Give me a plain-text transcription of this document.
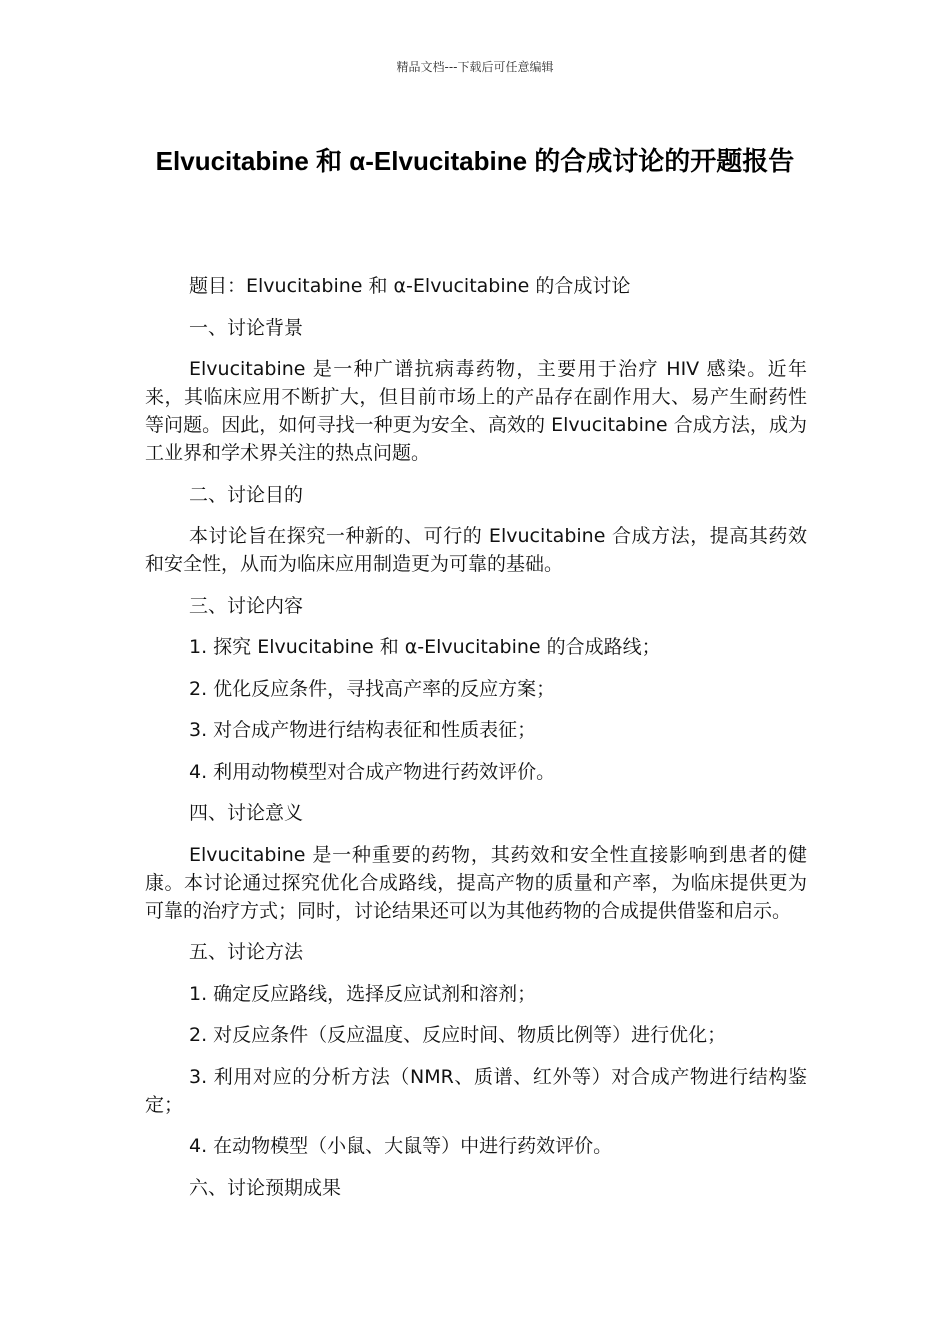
精品文档---下载后可任意编辑
Elvucitabine 和 α-Elvucitabine 的合成讨论的开题报告

题目：Elvucitabine 和 α-Elvucitabine 的合成讨论

一、讨论背景

Elvucitabine 是一种广谱抗病毒药物，主要用于治疗 HIV 感染。近年来，其临床应用不断扩大，但目前市场上的产品存在副作用大、易产生耐药性等问题。因此，如何寻找一种更为安全、高效的 Elvucitabine 合成方法，成为工业界和学术界关注的热点问题。

二、讨论目的

本讨论旨在探究一种新的、可行的 Elvucitabine 合成方法，提高其药效和安全性，从而为临床应用制造更为可靠的基础。

三、讨论内容

1. 探究 Elvucitabine 和 α-Elvucitabine 的合成路线；

2. 优化反应条件，寻找高产率的反应方案；

3. 对合成产物进行结构表征和性质表征；

4. 利用动物模型对合成产物进行药效评价。

四、讨论意义

Elvucitabine 是一种重要的药物，其药效和安全性直接影响到患者的健康。本讨论通过探究优化合成路线，提高产物的质量和产率，为临床提供更为可靠的治疗方式；同时，讨论结果还可以为其他药物的合成提供借鉴和启示。

五、讨论方法

1. 确定反应路线，选择反应试剂和溶剂；

2. 对反应条件（反应温度、反应时间、物质比例等）进行优化；

3. 利用对应的分析方法（NMR、质谱、红外等）对合成产物进行结构鉴定；

4. 在动物模型（小鼠、大鼠等）中进行药效评价。

六、讨论预期成果
